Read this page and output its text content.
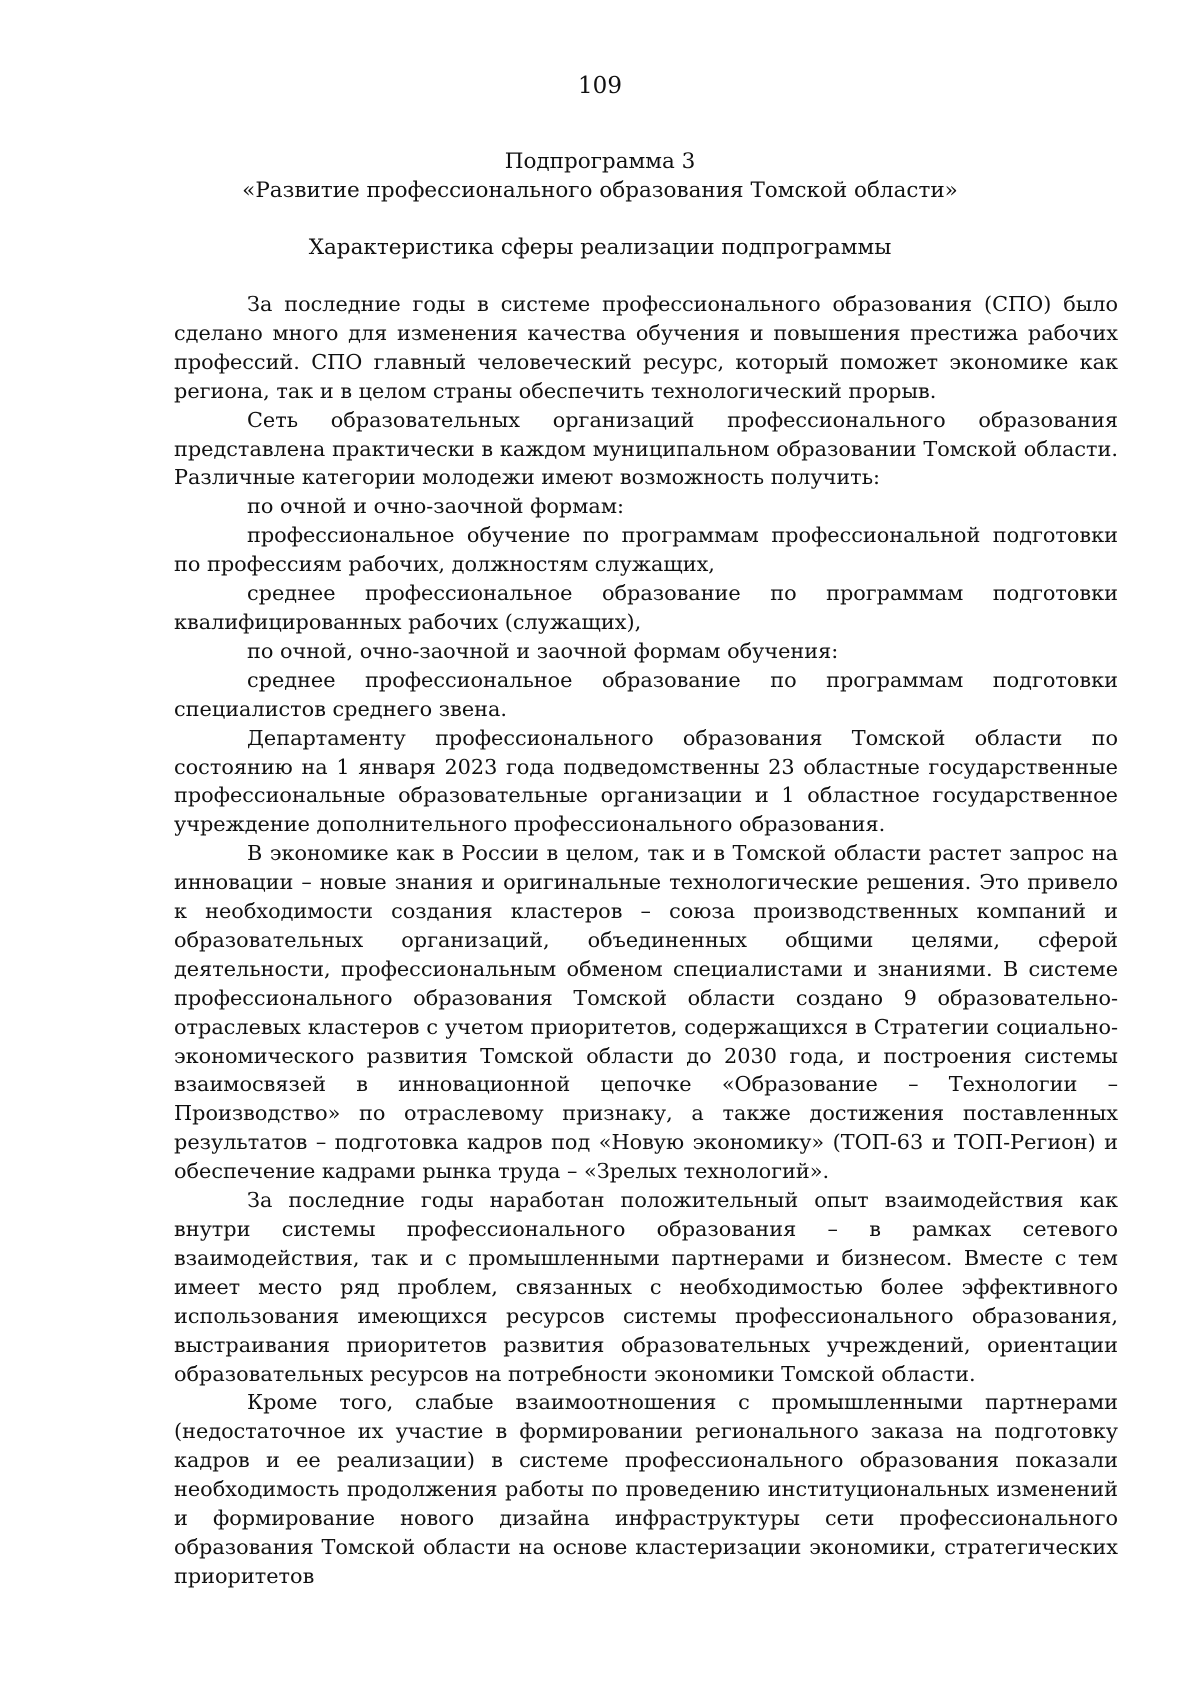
109
Подпрограмма 3
«Развитие профессионального образования Томской области»
Характеристика сферы реализации подпрограммы

За последние годы в системе профессионального образования (СПО) было сделано много для изменения качества обучения и повышения престижа рабочих профессий. СПО главный человеческий ресурс, который поможет экономике как региона, так и в целом страны обеспечить технологический прорыв.

Сеть образовательных организаций профессионального образования представлена практически в каждом муниципальном образовании Томской области. Различные категории молодежи имеют возможность получить:

по очной и очно-заочной формам:

профессиональное обучение по программам профессиональной подготовки по профессиям рабочих, должностям служащих,

среднее профессиональное образование по программам подготовки квалифицированных рабочих (служащих),

по очной, очно-заочной и заочной формам обучения:

среднее профессиональное образование по программам подготовки специалистов среднего звена.

Департаменту профессионального образования Томской области по состоянию на 1 января 2023 года подведомственны 23 областные государственные профессиональные образовательные организации и 1 областное государственное учреждение дополнительного профессионального образования.

В экономике как в России в целом, так и в Томской области растет запрос на инновации – новые знания и оригинальные технологические решения. Это привело к необходимости создания кластеров – союза производственных компаний и образовательных организаций, объединенных общими целями, сферой деятельности, профессиональным обменом специалистами и знаниями. В системе профессионального образования Томской области создано 9 образовательно-отраслевых кластеров с учетом приоритетов, содержащихся в Стратегии социально-экономического развития Томской области до 2030 года, и построения системы взаимосвязей в инновационной цепочке «Образование – Технологии – Производство» по отраслевому признаку, а также достижения поставленных результатов – подготовка кадров под «Новую экономику» (ТОП-63 и ТОП-Регион) и обеспечение кадрами рынка труда – «Зрелых технологий».

За последние годы наработан положительный опыт взаимодействия как внутри системы профессионального образования – в рамках сетевого взаимодействия, так и с промышленными партнерами и бизнесом. Вместе с тем имеет место ряд проблем, связанных с необходимостью более эффективного использования имеющихся ресурсов системы профессионального образования, выстраивания приоритетов развития образовательных учреждений, ориентации образовательных ресурсов на потребности экономики Томской области.

Кроме того, слабые взаимоотношения с промышленными партнерами (недостаточное их участие в формировании регионального заказа на подготовку кадров и ее реализации) в системе профессионального образования показали необходимость продолжения работы по проведению институциональных изменений и формирование нового дизайна инфраструктуры сети профессионального образования Томской области на основе кластеризации экономики, стратегических приоритетов
